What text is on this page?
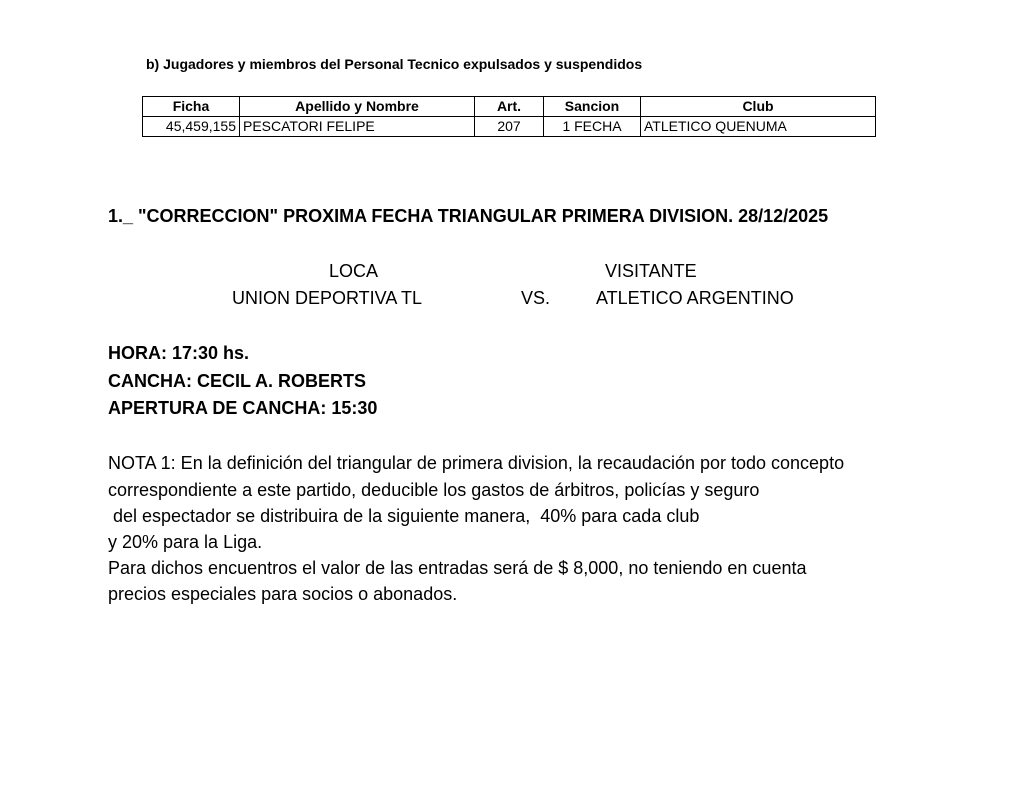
b) Jugadores y miembros del Personal Tecnico expulsados y suspendidos
Ficha	Apellido y Nombre	Art.	Sancion	Club
45,459,155	PESCATORI FELIPE	207	1 FECHA	ATLETICO QUENUMA
1._ "CORRECCION" PROXIMA FECHA TRIANGULAR PRIMERA DIVISION. 28/12/2025
LOCA	VISITANTE
UNION DEPORTIVA TL	VS.	ATLETICO ARGENTINO
HORA: 17:30 hs.
CANCHA: CECIL A. ROBERTS
APERTURA DE CANCHA: 15:30
NOTA 1: En la definición del triangular de primera division, la recaudación por todo concepto
correspondiente a este partido, deducible los gastos de árbitros, policías y seguro
del espectador se distribuira de la siguiente manera,  40% para cada club
y 20% para la Liga.
Para dichos encuentros el valor de las entradas será de $ 8,000, no teniendo en cuenta
precios especiales para socios o abonados.
